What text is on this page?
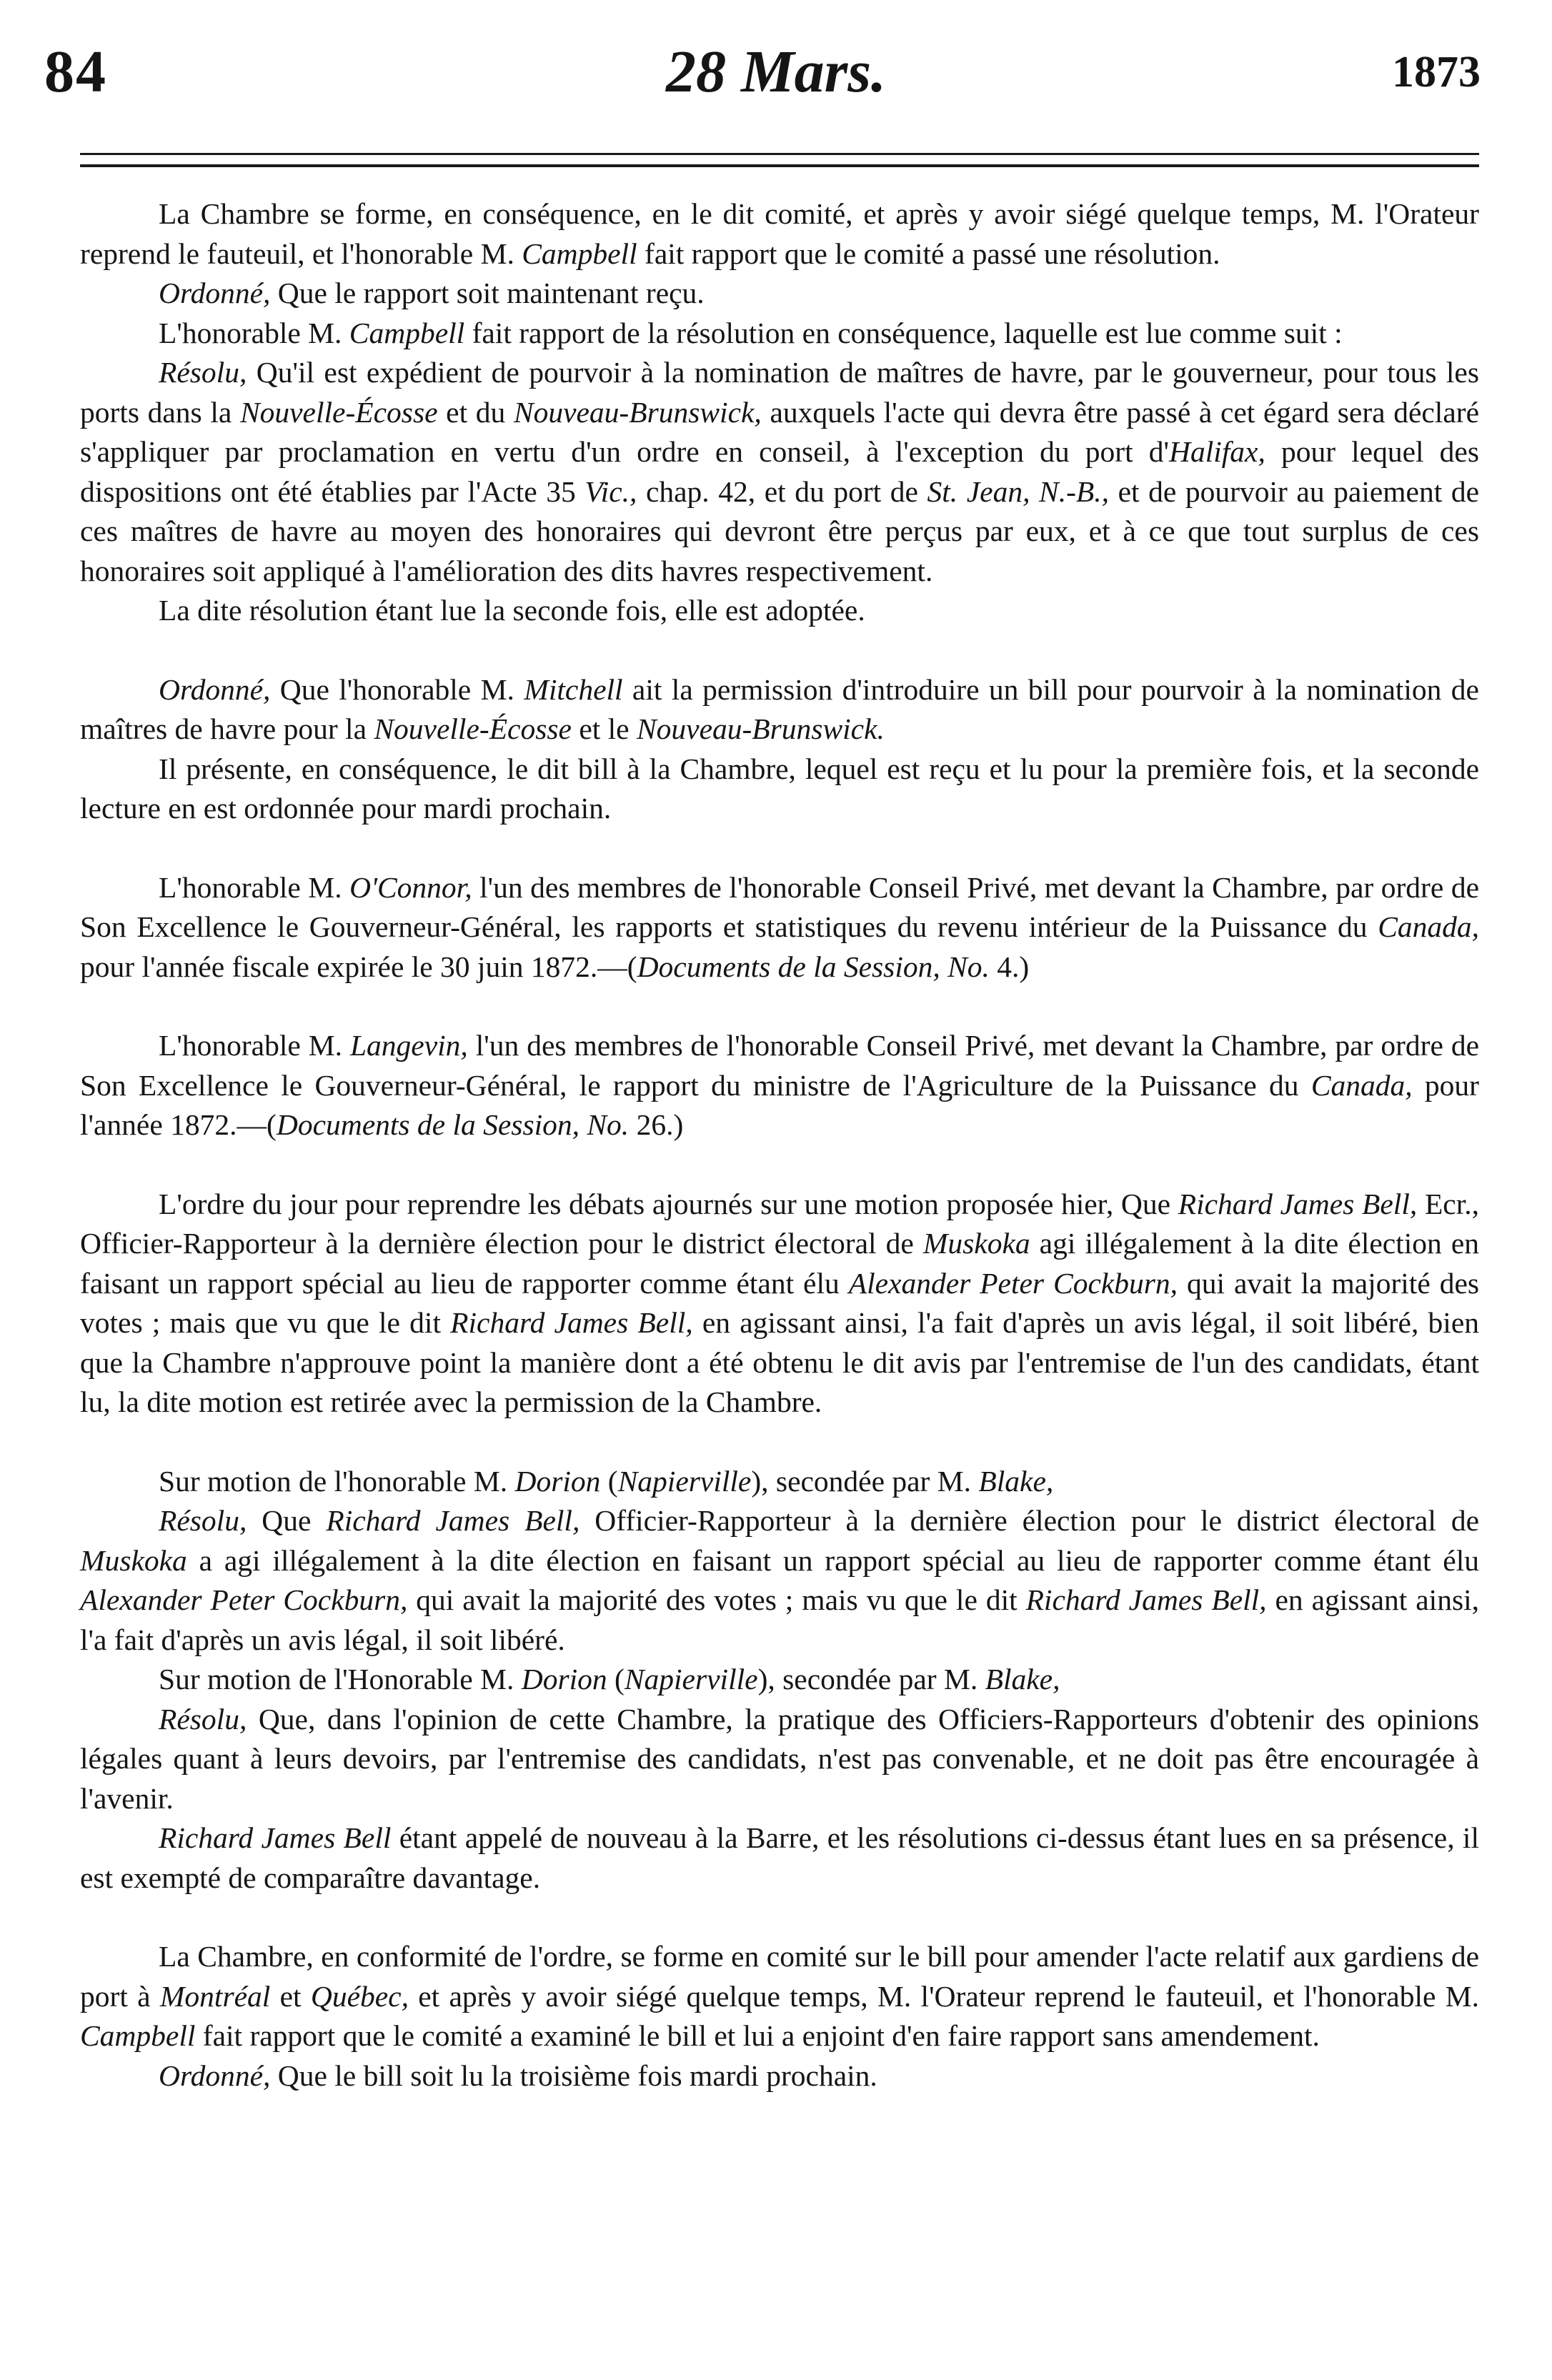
84	28 Mars.	1873

La Chambre se forme, en conséquence, en le dit comité, et après y avoir siégé quelque temps, M. l'Orateur reprend le fauteuil, et l'honorable M. Campbell fait rapport que le comité a passé une résolution.

Ordonné, Que le rapport soit maintenant reçu.

L'honorable M. Campbell fait rapport de la résolution en conséquence, laquelle est lue comme suit :

Résolu, Qu'il est expédient de pourvoir à la nomination de maîtres de havre, par le gouverneur, pour tous les ports dans la Nouvelle-Écosse et du Nouveau-Brunswick, auxquels l'acte qui devra être passé à cet égard sera déclaré s'appliquer par proclamation en vertu d'un ordre en conseil, à l'exception du port d'Halifax, pour lequel des dispositions ont été établies par l'Acte 35 Vic., chap. 42, et du port de St. Jean, N.-B., et de pourvoir au paiement de ces maîtres de havre au moyen des honoraires qui devront être perçus par eux, et à ce que tout surplus de ces honoraires soit appliqué à l'amélioration des dits havres respectivement.

La dite résolution étant lue la seconde fois, elle est adoptée.

Ordonné, Que l'honorable M. Mitchell ait la permission d'introduire un bill pour pourvoir à la nomination de maîtres de havre pour la Nouvelle-Écosse et le Nouveau-Brunswick.

Il présente, en conséquence, le dit bill à la Chambre, lequel est reçu et lu pour la première fois, et la seconde lecture en est ordonnée pour mardi prochain.

L'honorable M. O'Connor, l'un des membres de l'honorable Conseil Privé, met devant la Chambre, par ordre de Son Excellence le Gouverneur-Général, les rapports et statistiques du revenu intérieur de la Puissance du Canada, pour l'année fiscale expirée le 30 juin 1872.—(Documents de la Session, No. 4.)

L'honorable M. Langevin, l'un des membres de l'honorable Conseil Privé, met devant la Chambre, par ordre de Son Excellence le Gouverneur-Général, le rapport du ministre de l'Agriculture de la Puissance du Canada, pour l'année 1872.—(Documents de la Session, No. 26.)

L'ordre du jour pour reprendre les débats ajournés sur une motion proposée hier, Que Richard James Bell, Ecr., Officier-Rapporteur à la dernière élection pour le district électoral de Muskoka agi illégalement à la dite élection en faisant un rapport spécial au lieu de rapporter comme étant élu Alexander Peter Cockburn, qui avait la majorité des votes ; mais que vu que le dit Richard James Bell, en agissant ainsi, l'a fait d'après un avis légal, il soit libéré, bien que la Chambre n'approuve point la manière dont a été obtenu le dit avis par l'entremise de l'un des candidats, étant lu, la dite motion est retirée avec la permission de la Chambre.

Sur motion de l'honorable M. Dorion (Napierville), secondée par M. Blake,

Résolu, Que Richard James Bell, Officier-Rapporteur à la dernière élection pour le district électoral de Muskoka a agi illégalement à la dite élection en faisant un rapport spécial au lieu de rapporter comme étant élu Alexander Peter Cockburn, qui avait la majorité des votes ; mais vu que le dit Richard James Bell, en agissant ainsi, l'a fait d'après un avis légal, il soit libéré.

Sur motion de l'Honorable M. Dorion (Napierville), secondée par M. Blake,

Résolu, Que, dans l'opinion de cette Chambre, la pratique des Officiers-Rapporteurs d'obtenir des opinions légales quant à leurs devoirs, par l'entremise des candidats, n'est pas convenable, et ne doit pas être encouragée à l'avenir.

Richard James Bell étant appelé de nouveau à la Barre, et les résolutions ci-dessus étant lues en sa présence, il est exempté de comparaître davantage.

La Chambre, en conformité de l'ordre, se forme en comité sur le bill pour amender l'acte relatif aux gardiens de port à Montréal et Québec, et après y avoir siégé quelque temps, M. l'Orateur reprend le fauteuil, et l'honorable M. Campbell fait rapport que le comité a examiné le bill et lui a enjoint d'en faire rapport sans amendement.

Ordonné, Que le bill soit lu la troisième fois mardi prochain.
